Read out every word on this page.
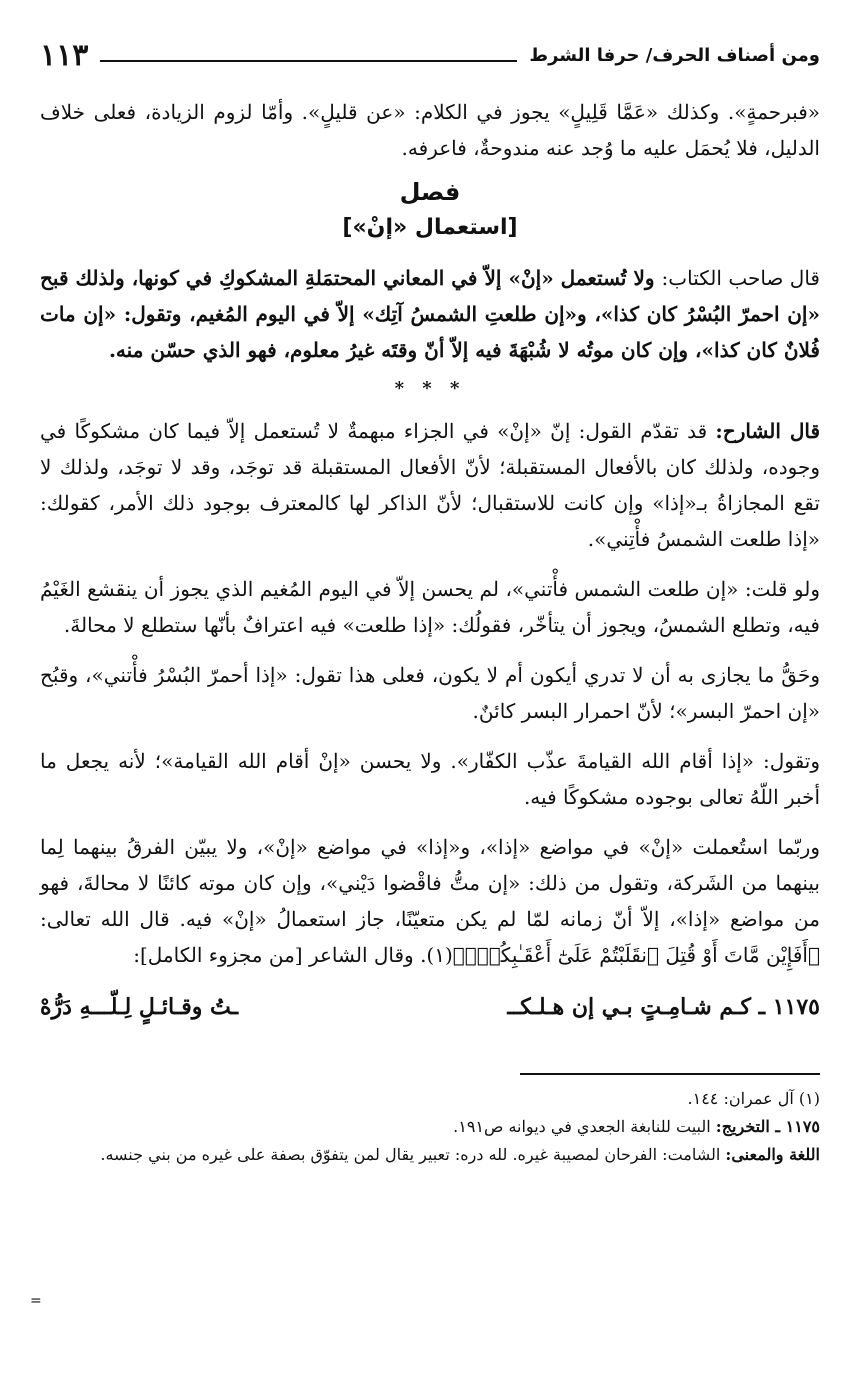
ومن أصناف الحرف/ حرفا الشرط
١١٣

«فبرحمةٍ». وكذلك «عَمَّا قَلِيلٍ» يجوز في الكلام: «عن قليلٍ». وأمّا لزوم الزيادة، فعلى خلاف الدليل، فلا يُحمَل عليه ما وُجد عنه مندوحةٌ، فاعرفه.

فصل
[استعمال «إنْ»]

قال صاحب الكتاب: ولا تُستعمل «إنْ» إلاّ في المعاني المحتمَلةِ المشكوكِ في كونها، ولذلك قبح «إن احمرّ البُسْرُ كان كذا»، و«إن طلعتِ الشمسُ آتِك» إلاّ في اليوم المُغيم، وتقول: «إن مات فُلانٌ كان كذا»، وإن كان موتُه لا شُبْهَةَ فيه إلاّ أنّ وقتَه غيرُ معلوم، فهو الذي حسّن منه.

* * *

قال الشارح: قد تقدّم القول: إنّ «إنْ» في الجزاء مبهمةٌ لا تُستعمل إلاّ فيما كان مشكوكًا في وجوده، ولذلك كان بالأفعال المستقبلة؛ لأنّ الأفعال المستقبلة قد توجَد، وقد لا توجَد، ولذلك لا تقع المجازاةُ بـ«إذا» وإن كانت للاستقبال؛ لأنّ الذاكر لها كالمعترف بوجود ذلك الأمر، كقولك: «إذا طلعت الشمسُ فأْتِني».

ولو قلت: «إن طلعت الشمس فأْتني»، لم يحسن إلاّ في اليوم المُغيم الذي يجوز أن ينقشع الغَيْمُ فيه، وتطلع الشمسُ، ويجوز أن يتأخّر، فقولُك: «إذا طلعت» فيه اعترافٌ بأنّها ستطلع لا محالةَ.

وحَقُّ ما يجازى به أن لا تدري أيكون أم لا يكون، فعلى هذا تقول: «إذا أحمرّ البُسْرُ فأْتني»، وقبُح «إن احمرّ البسر»؛ لأنّ احمرار البسر كائنٌ.

وتقول: «إذا أقام الله القيامةَ عذّب الكفّار». ولا يحسن «إنْ أقام الله القيامة»؛ لأنه يجعل ما أخبر اللّهُ تعالى بوجوده مشكوكًا فيه.

وربّما استُعملت «إنْ» في مواضع «إذا»، و«إذا» في مواضع «إنْ»، ولا يبيّن الفرقُ بينهما لِما بينهما من الشَركة، وتقول من ذلك: «إن متُّ فاقْضوا دَيْني»، وإن كان موته كائنًا لا محالةَ، فهو من مواضع «إذا»، إلاّ أنّ زمانه لمّا لم يكن متعيّنًا، جاز استعمالُ «إنْ» فيه. قال الله تعالى: ﴿أَفَإِيْن مَّاتَ أَوْ قُتِلَ ٱنقَلَبْتُمْ عَلَىٰٓ أَعْقَـٰبِكُمْۚ﴾(١). وقال الشاعر [من مجزوء الكامل]:

١١٧٥ ـ كـم شـامِـتٍ بـي إن هـلـكــ
ـتُ وقـائـلٍ لِـلّـــهِ دَرُّهْ
(١) آل عمران: ١٤٤.
١١٧٥ ـ التخريج: البيت للنابغة الجعدي في ديوانه ص١٩١.
اللغة والمعنى: الشامت: الفرحان لمصيبة غيره. لله دره: تعبير يقال لمن يتفوّق بصفة على غيره من بني جنسه.
=
